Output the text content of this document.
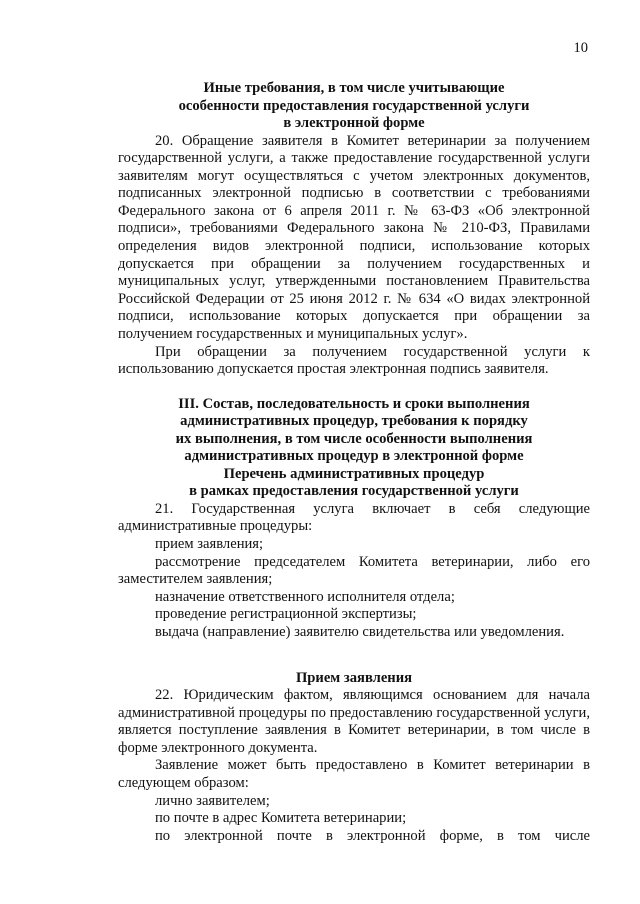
10
Иные требования, в том числе учитывающие
особенности предоставления государственной услуги
в электронной форме

20. Обращение заявителя в Комитет ветеринарии за получением государственной услуги, а также предоставление государственной услуги заявителям могут осуществляться с учетом электронных документов, подписанных электронной подписью в соответствии с требованиями Федерального закона от 6 апреля 2011 г. № 63-ФЗ «Об электронной подписи», требованиями Федерального закона № 210-ФЗ, Правилами определения видов электронной подписи, использование которых допускается при обращении за получением государственных и муниципальных услуг, утвержденными постановлением Правительства Российской Федерации от 25 июня 2012 г. № 634 «О видах электронной подписи, использование которых допускается при обращении за получением государственных и муниципальных услуг».

При обращении за получением государственной услуги к использованию допускается простая электронная подпись заявителя.

III. Состав, последовательность и сроки выполнения
административных процедур, требования к порядку
их выполнения, в том числе особенности выполнения
административных процедур в электронной форме
Перечень административных процедур
в рамках предоставления государственной услуги

21. Государственная услуга включает в себя следующие административные процедуры:

прием заявления;

рассмотрение председателем Комитета ветеринарии, либо его заместителем заявления;

назначение ответственного исполнителя отдела;

проведение регистрационной экспертизы;

выдача (направление) заявителю свидетельства или уведомления.

Прием заявления

22. Юридическим фактом, являющимся основанием для начала административной процедуры по предоставлению государственной услуги, является поступление заявления в Комитет ветеринарии, в том числе в форме электронного документа.

Заявление может быть предоставлено в Комитет ветеринарии в следующем образом:

лично заявителем;

по почте в адрес Комитета ветеринарии;

по электронной почте в электронной форме, в том числе
